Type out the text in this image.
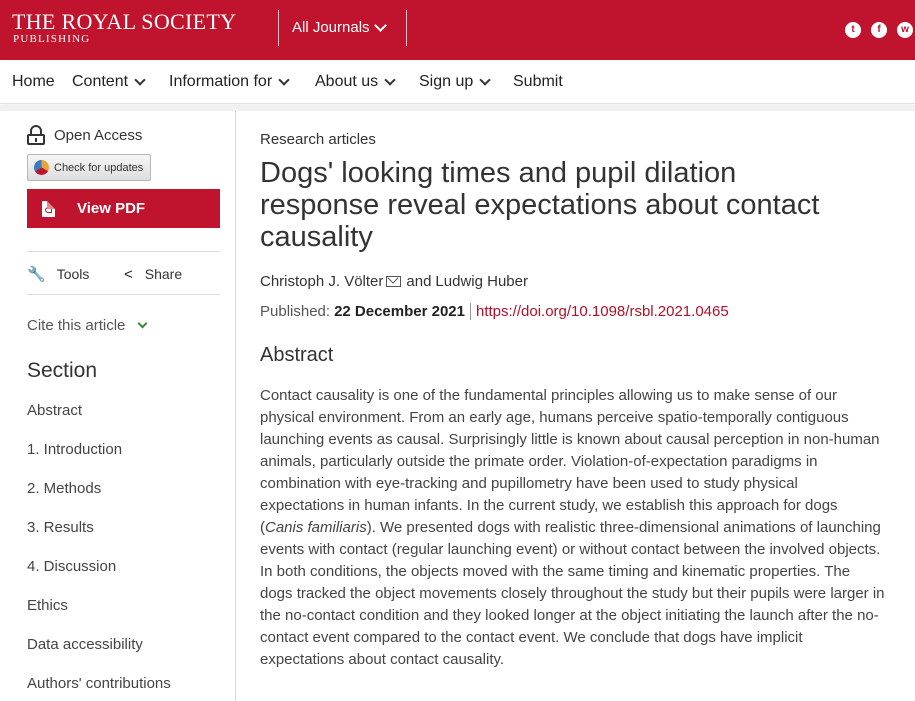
THE ROYAL SOCIETY
PUBLISHING
All Journals	t	f	w
Home Content	Information for	About us	Sign up Submit
Open Access
Check for updates
View PDF
🔧 Tools < Share
Cite this article
Section
Abstract
1. Introduction
2. Methods
3. Results
4. Discussion
Ethics
Data accessibility
Authors' contributions
Research articles
Dogs' looking times and pupil dilation response reveal expectations about contact causality
Christoph J. Völter and Ludwig Huber
Published: 22 December 2021 https://doi.org/10.1098/rsbl.2021.0465
Abstract

Contact causality is one of the fundamental principles allowing us to make sense of our physical environment. From an early age, humans perceive spatio-temporally contiguous launching events as causal. Surprisingly little is known about causal perception in non-human animals, particularly outside the primate order. Violation-of-expectation paradigms in combination with eye-tracking and pupillometry have been used to study physical expectations in human infants. In the current study, we establish this approach for dogs (Canis familiaris). We presented dogs with realistic three-dimensional animations of launching events with contact (regular launching event) or without contact between the involved objects. In both conditions, the objects moved with the same timing and kinematic properties. The dogs tracked the object movements closely throughout the study but their pupils were larger in the no-contact condition and they looked longer at the object initiating the launch after the no-contact event compared to the contact event. We conclude that dogs have implicit expectations about contact causality.
